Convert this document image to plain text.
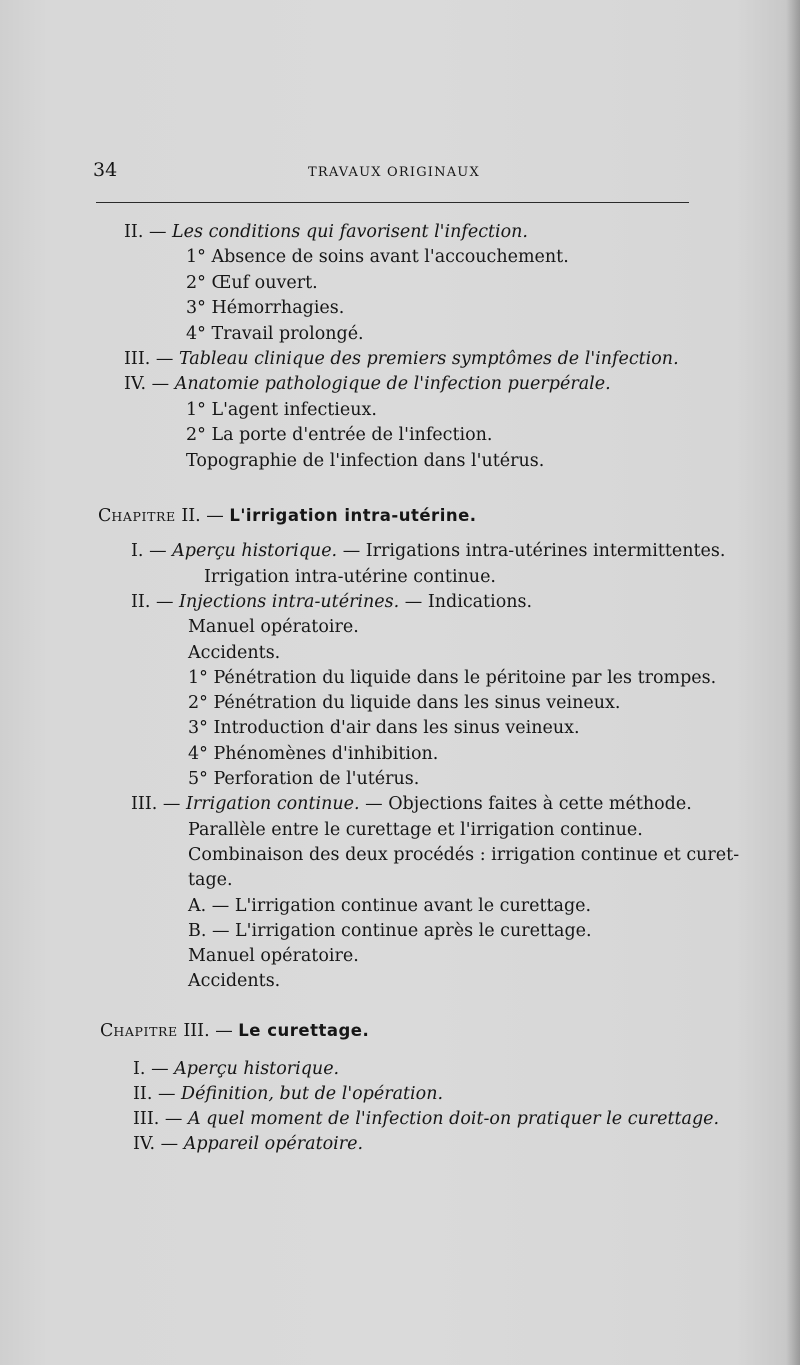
34	TRAVAUX ORIGINAUX
II. — Les conditions qui favorisent l'infection.
1° Absence de soins avant l'accouchement.
2° Œuf ouvert.
3° Hémorrhagies.
4° Travail prolongé.
III. — Tableau clinique des premiers symptômes de l'infection.
IV. — Anatomie pathologique de l'infection puerpérale.
1° L'agent infectieux.
2° La porte d'entrée de l'infection.
Topographie de l'infection dans l'utérus.
CHAPITRE II. — L'irrigation intra-utérine.
I. — Aperçu historique. — Irrigations intra-utérines intermittentes.
Irrigation intra-utérine continue.
II. — Injections intra-utérines. — Indications.
Manuel opératoire.
Accidents.
1° Pénétration du liquide dans le péritoine par les trompes.
2° Pénétration du liquide dans les sinus veineux.
3° Introduction d'air dans les sinus veineux.
4° Phénomènes d'inhibition.
5° Perforation de l'utérus.
III. — Irrigation continue. — Objections faites à cette méthode.
Parallèle entre le curettage et l'irrigation continue.
Combinaison des deux procédés : irrigation continue et curet-
tage.
A. — L'irrigation continue avant le curettage.
B. — L'irrigation continue après le curettage.
Manuel opératoire.
Accidents.
CHAPITRE III. — Le curettage.
I. — Aperçu historique.
II. — Définition, but de l'opération.
III. — A quel moment de l'infection doit-on pratiquer le curettage.
IV. — Appareil opératoire.
